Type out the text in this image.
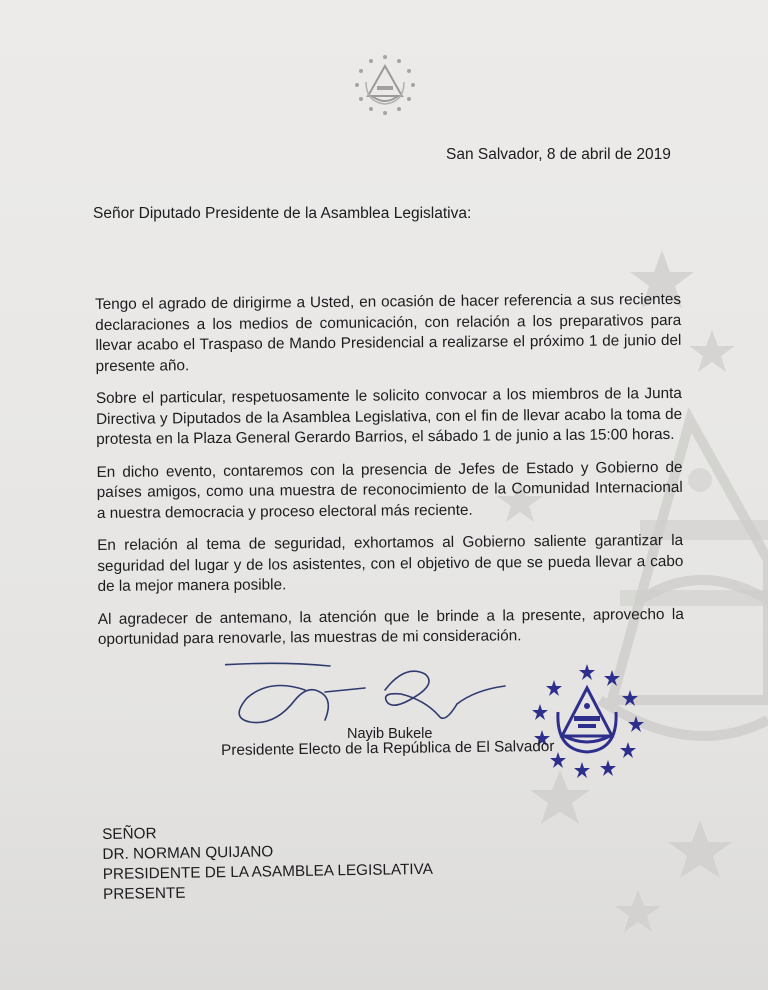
San Salvador, 8 de abril de 2019
Señor Diputado Presidente de la Asamblea Legislativa:

Tengo el agrado de dirigirme a Usted, en ocasión de hacer referencia a sus recientes declaraciones a los medios de comunicación, con relación a los preparativos para llevar acabo el Traspaso de Mando Presidencial a realizarse el próximo 1 de junio del presente año.

Sobre el particular, respetuosamente le solicito convocar a los miembros de la Junta Directiva y Diputados de la Asamblea Legislativa, con el fin de llevar acabo la toma de protesta en la Plaza General Gerardo Barrios, el sábado 1 de junio a las 15:00 horas.

En dicho evento, contaremos con la presencia de Jefes de Estado y Gobierno de países amigos, como una muestra de reconocimiento de la Comunidad Internacional a nuestra democracia y proceso electoral más reciente.

En relación al tema de seguridad, exhortamos al Gobierno saliente garantizar la seguridad del lugar y de los asistentes, con el objetivo de que se pueda llevar a cabo de la mejor manera posible.

Al agradecer de antemano, la atención que le brinde a la presente, aprovecho la oportunidad para renovarle, las muestras de mi consideración.

Nayib Bukele
Presidente Electo de la República de El Salvador
SEÑOR
DR. NORMAN QUIJANO
PRESIDENTE DE LA ASAMBLEA LEGISLATIVA
PRESENTE
